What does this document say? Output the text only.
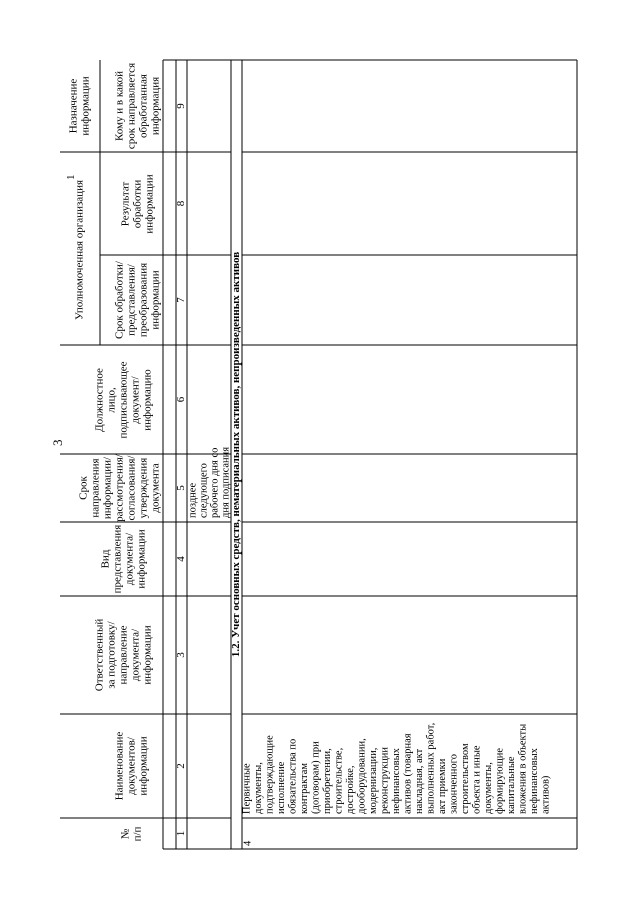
3
№ п/п
Наименование документов/ информации
Ответственный за подготовку/ направление документа/ информации
Вид представления документа/ информации
Срок направления информации/ рассмотрения/ согласования/ утверждения документа
Должностное лицо, подписывающее документ/ информацию
Уполномоченная организация
1
Срок обработки/ представления/ преобразования информации
Результат обработки информации
Назначение информации Кому и в какой срок направляется обработанная информация
1
2
3
4
5
6
7
8
9
позднее следующего рабочего дня со дня подписания
1.2. Учет основных средств, нематериальных активов, непроизведенных активов
4
Первичные документы, подтверждающие исполнение обязательства по контрактам (договорам) при приобретении, строительстве, достройке, дооборудовании, модернизации, реконструкции нефинансовых активов (товарная накладная, акт выполненных работ, акт приемки законченного строительством объекта и иные документы, формирующие капитальные вложения в объекты нефинансовых активов)
